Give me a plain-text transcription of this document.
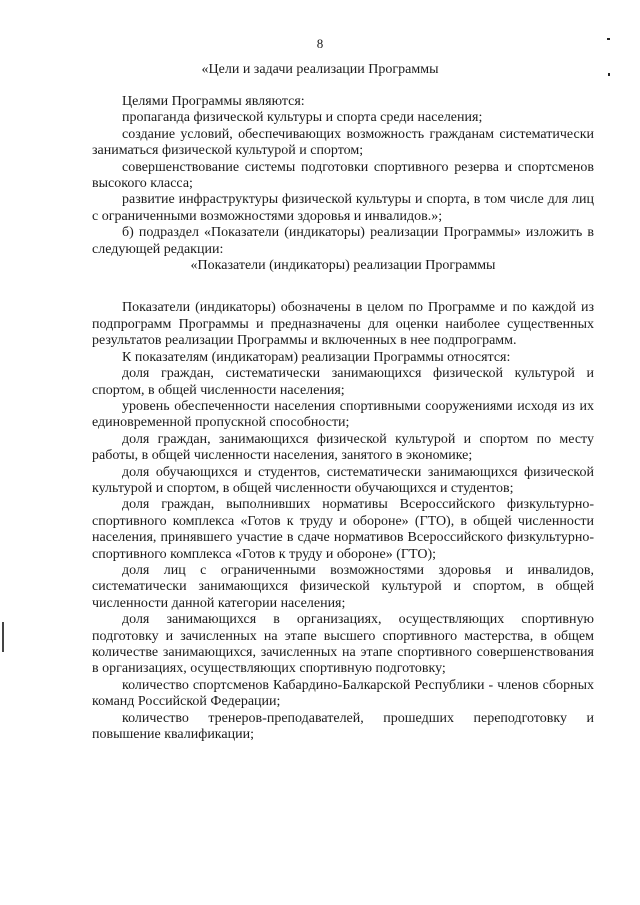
8
«Цели и задачи реализации Программы

Целями Программы являются:

пропаганда физической культуры и спорта среди населения;

создание условий, обеспечивающих возможность гражданам систематически заниматься физической культурой и спортом;

совершенствование системы подготовки спортивного резерва и спортсменов высокого класса;

развитие инфраструктуры физической культуры и спорта, в том числе для лиц с ограниченными возможностями здоровья и инвалидов.»;

б) подраздел «Показатели (индикаторы) реализации Программы» изложить в следующей редакции:

«Показатели (индикаторы) реализации Программы

Показатели (индикаторы) обозначены в целом по Программе и по каждой из подпрограмм Программы и предназначены для оценки наиболее существенных результатов реализации Программы и включенных в нее подпрограмм.

К показателям (индикаторам) реализации Программы относятся:

доля граждан, систематически занимающихся физической культурой и спортом, в общей численности населения;

уровень обеспеченности населения спортивными сооружениями исходя из их единовременной пропускной способности;

доля граждан, занимающихся физической культурой и спортом по месту работы, в общей численности населения, занятого в экономике;

доля обучающихся и студентов, систематически занимающихся физической культурой и спортом, в общей численности обучающихся и студентов;

доля граждан, выполнивших нормативы Всероссийского физкультурно-спортивного комплекса «Готов к труду и обороне» (ГТО), в общей численности населения, принявшего участие в сдаче нормативов Всероссийского физкультурно-спортивного комплекса «Готов к труду и обороне» (ГТО);

доля лиц с ограниченными возможностями здоровья и инвалидов, систематически занимающихся физической культурой и спортом, в общей численности данной категории населения;

доля занимающихся в организациях, осуществляющих спортивную подготовку и зачисленных на этапе высшего спортивного мастерства, в общем количестве занимающихся, зачисленных на этапе спортивного совершенствования в организациях, осуществляющих спортивную подготовку;

количество спортсменов Кабардино-Балкарской Республики - членов сборных команд Российской Федерации;

количество тренеров-преподавателей, прошедших переподготовку и повышение квалификации;
